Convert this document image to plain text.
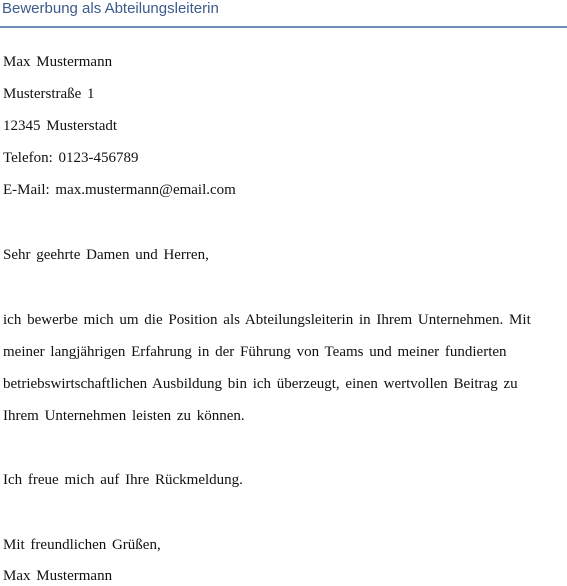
Bewerbung als Abteilungsleiterin
Max Mustermann
Musterstraße 1
12345 Musterstadt
Telefon: 0123-456789
E-Mail: max.mustermann@email.com
Sehr geehrte Damen und Herren,
ich bewerbe mich um die Position als Abteilungsleiterin in Ihrem Unternehmen. Mit
meiner langjährigen Erfahrung in der Führung von Teams und meiner fundierten
betriebswirtschaftlichen Ausbildung bin ich überzeugt, einen wertvollen Beitrag zu
Ihrem Unternehmen leisten zu können.
Ich freue mich auf Ihre Rückmeldung.
Mit freundlichen Grüßen,
Max Mustermann
